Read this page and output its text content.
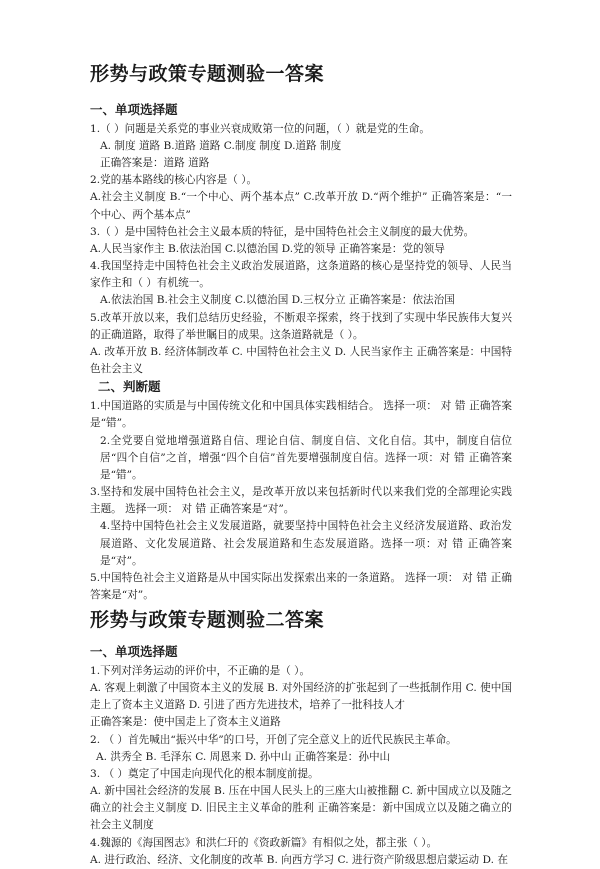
形势与政策专题测验一答案
一、单项选择题

1.（ ）问题是关系党的事业兴衰成败第一位的问题，（ ）就是党的生命。

A. 制度 道路 B.道路 道路 C.制度 制度 D.道路 制度

正确答案是：道路 道路

2.党的基本路线的核心内容是（ ）。

A.社会主义制度 B.“一个中心、两个基本点” C.改革开放 D.“两个维护” 正确答案是：“一个中心、两个基本点”

3.（ ）是中国特色社会主义最本质的特征，是中国特色社会主义制度的最大优势。

A.人民当家作主 B.依法治国 C.以德治国 D.党的领导 正确答案是：党的领导

4.我国坚持走中国特色社会主义政治发展道路，这条道路的核心是坚持党的领导、人民当家作主和（ ）有机统一。

A.依法治国 B.社会主义制度 C.以德治国 D.三权分立 正确答案是：依法治国

5.改革开放以来，我们总结历史经验，不断艰辛探索，终于找到了实现中华民族伟大复兴的正确道路，取得了举世瞩目的成果。这条道路就是（ ）。

A. 改革开放 B. 经济体制改革 C. 中国特色社会主义 D. 人民当家作主 正确答案是：中国特色社会主义

二、判断题

1.中国道路的实质是与中国传统文化和中国具体实践相结合。 选择一项： 对 错 正确答案是“错”。

2.全党要自觉地增强道路自信、理论自信、制度自信、文化自信。其中，制度自信位居“四个自信”之首，增强“四个自信”首先要增强制度自信。选择一项：对 错 正确答案是“错”。

3.坚持和发展中国特色社会主义，是改革开放以来包括新时代以来我们党的全部理论实践主题。 选择一项： 对 错 正确答案是“对”。

4.坚持中国特色社会主义发展道路，就要坚持中国特色社会主义经济发展道路、政治发展道路、文化发展道路、社会发展道路和生态发展道路。选择一项：对 错 正确答案是“对”。

5.中国特色社会主义道路是从中国实际出发探索出来的一条道路。 选择一项： 对 错 正确答案是“对”。

形势与政策专题测验二答案
一、单项选择题

1.下列对洋务运动的评价中，不正确的是（ ）。

A. 客观上刺激了中国资本主义的发展 B. 对外国经济的扩张起到了一些抵制作用 C. 使中国走上了资本主义道路 D. 引进了西方先进技术，培养了一批科技人才

正确答案是：使中国走上了资本主义道路

2. （ ）首先喊出“振兴中华”的口号，开创了完全意义上的近代民族民主革命。

A. 洪秀全 B. 毛泽东 C. 周恩来 D. 孙中山 正确答案是：孙中山

3. （ ）奠定了中国走向现代化的根本制度前提。

A. 新中国社会经济的发展 B. 压在中国人民头上的三座大山被推翻 C. 新中国成立以及随之确立的社会主义制度 D. 旧民主主义革命的胜利 正确答案是：新中国成立以及随之确立的社会主义制度

4.魏源的《海国图志》和洪仁玕的《资政新篇》有相似之处，都主张（ ）。

A. 进行政治、经济、文化制度的改革 B. 向西方学习 C. 进行资产阶级思想启蒙运动 D. 在
